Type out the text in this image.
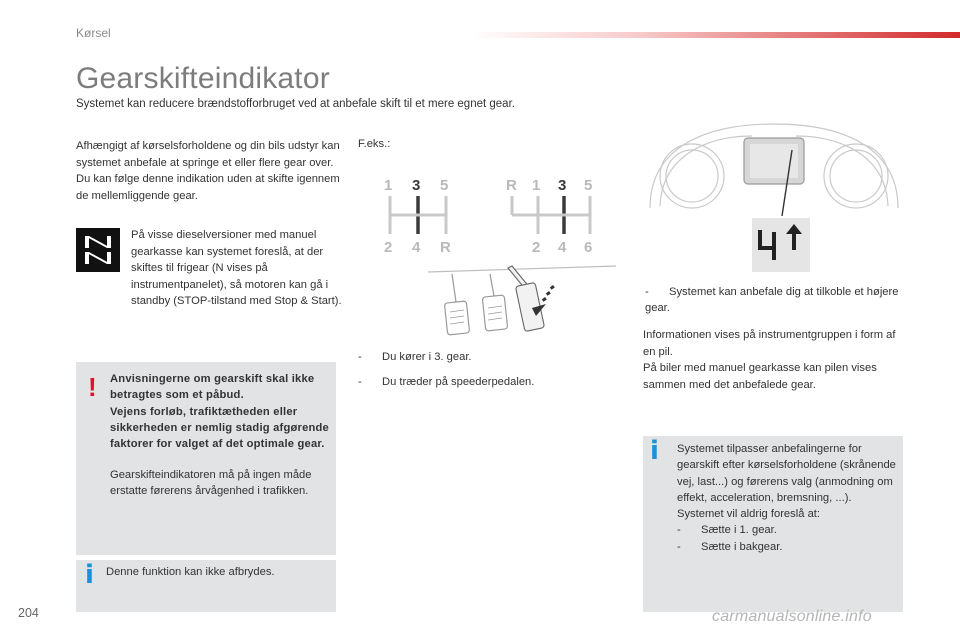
Kørsel
Gearskifteindikator
Systemet kan reducere brændstofforbruget ved at anbefale skift til et mere egnet gear.
Afhængigt af kørselsforholdene og din bils udstyr kan systemet anbefale at springe et eller flere gear over.
Du kan følge denne indikation uden at skifte igennem de mellemliggende gear.
På visse dieselversioner med manuel gearkasse kan systemet foreslå, at der skiftes til frigear (N vises på instrumentpanelet), så motoren kan gå i standby (STOP-tilstand med Stop & Start).
! Anvisningerne om gearskift skal ikke betragtes som et påbud.
Vejens forløb, trafiktætheden eller sikkerheden er nemlig stadig afgørende faktorer for valget af det optimale gear.
Gearskifteindikatoren må på ingen måde erstatte førerens årvågenhed i trafikken.
i Denne funktion kan ikke afbrydes.
F.eks.:
1 3 5
2 4 R
R 1 3 5
2 4 6
- Du kører i 3. gear.
- Du træder på speederpedalen.
- Systemet kan anbefale dig at tilkoble et højere gear.
Informationen vises på instrumentgruppen i form af en pil.
På biler med manuel gearkasse kan pilen vises sammen med det anbefalede gear.
i Systemet tilpasser anbefalingerne for gearskift efter kørselsforholdene (skrånende vej, last...) og førerens valg (anmodning om effekt, acceleration, bremsning, ...).
Systemet vil aldrig foreslå at:
- Sætte i 1. gear.
- Sætte i bakgear.
204	carmanualsonline.info
